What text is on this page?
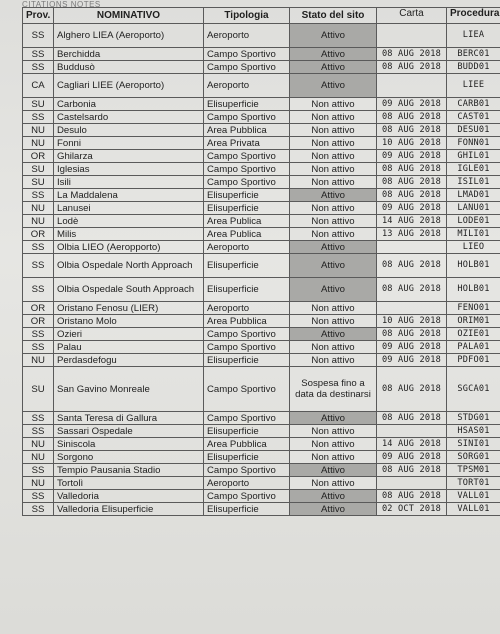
CITATIONS NOTES
Prov.	NOMINATIVO	Tipologia	Stato del sito	Carta	Procedura
SS	Alghero LIEA (Aeroporto)	Aeroporto	Attivo		LIEA
SS	Berchidda	Campo Sportivo	Attivo	08 AUG 2018	BERC01
SS	Buddusò	Campo Sportivo	Attivo	08 AUG 2018	BUDD01
CA	Cagliari LIEE (Aeroporto)	Aeroporto	Attivo		LIEE
SU	Carbonia	Elisuperficie	Non attivo	09 AUG 2018	CARB01
SS	Castelsardo	Campo Sportivo	Non attivo	08 AUG 2018	CAST01
NU	Desulo	Area Pubblica	Non attivo	08 AUG 2018	DESU01
NU	Fonni	Area Privata	Non attivo	10 AUG 2018	FONN01
OR	Ghilarza	Campo Sportivo	Non attivo	09 AUG 2018	GHIL01
SU	Iglesias	Campo Sportivo	Non attivo	08 AUG 2018	IGLE01
SU	Isili	Campo Sportivo	Non attivo	08 AUG 2018	ISIL01
SS	La Maddalena	Elisuperficie	Attivo	08 AUG 2018	LMAD01
NU	Lanusei	Elisuperficie	Non attivo	09 AUG 2018	LANU01
NU	Lodè	Area Publica	Non attivo	14 AUG 2018	LODE01
OR	Milis	Area Publica	Non attivo	13 AUG 2018	MILI01
SS	Olbia LIEO (Aeropporto)	Aeroporto	Attivo		LIEO
SS	Olbia Ospedale North Approach	Elisuperficie	Attivo	08 AUG 2018	HOLB01
SS	Olbia Ospedale South Approach	Elisuperficie	Attivo	08 AUG 2018	HOLB01
OR	Oristano Fenosu (LIER)	Aeroporto	Non attivo		FENO01
OR	Oristano Molo	Area Pubblica	Non attivo	10 AUG 2018	ORIM01
SS	Ozieri	Campo Sportivo	Attivo	08 AUG 2018	OZIE01
SS	Palau	Campo Sportivo	Non attivo	09 AUG 2018	PALA01
NU	Perdasdefogu	Elisuperficie	Non attivo	09 AUG 2018	PDFO01
SU	San Gavino Monreale	Campo Sportivo	Sospesa fino a data da destinarsi	08 AUG 2018	SGCA01
SS	Santa Teresa di Gallura	Campo Sportivo	Attivo	08 AUG 2018	STDG01
SS	Sassari Ospedale	Elisuperficie	Non attivo		HSAS01
NU	Siniscola	Area Pubblica	Non attivo	14 AUG 2018	SINI01
NU	Sorgono	Elisuperficie	Non attivo	09 AUG 2018	SORG01
SS	Tempio Pausania Stadio	Campo Sportivo	Attivo	08 AUG 2018	TPSM01
NU	Tortolì	Aeroporto	Non attivo		TORT01
SS	Valledoria	Campo Sportivo	Attivo	08 AUG 2018	VALL01
SS	Valledoria Elisuperficie	Elisuperficie	Attivo	02 OCT 2018	VALL01
